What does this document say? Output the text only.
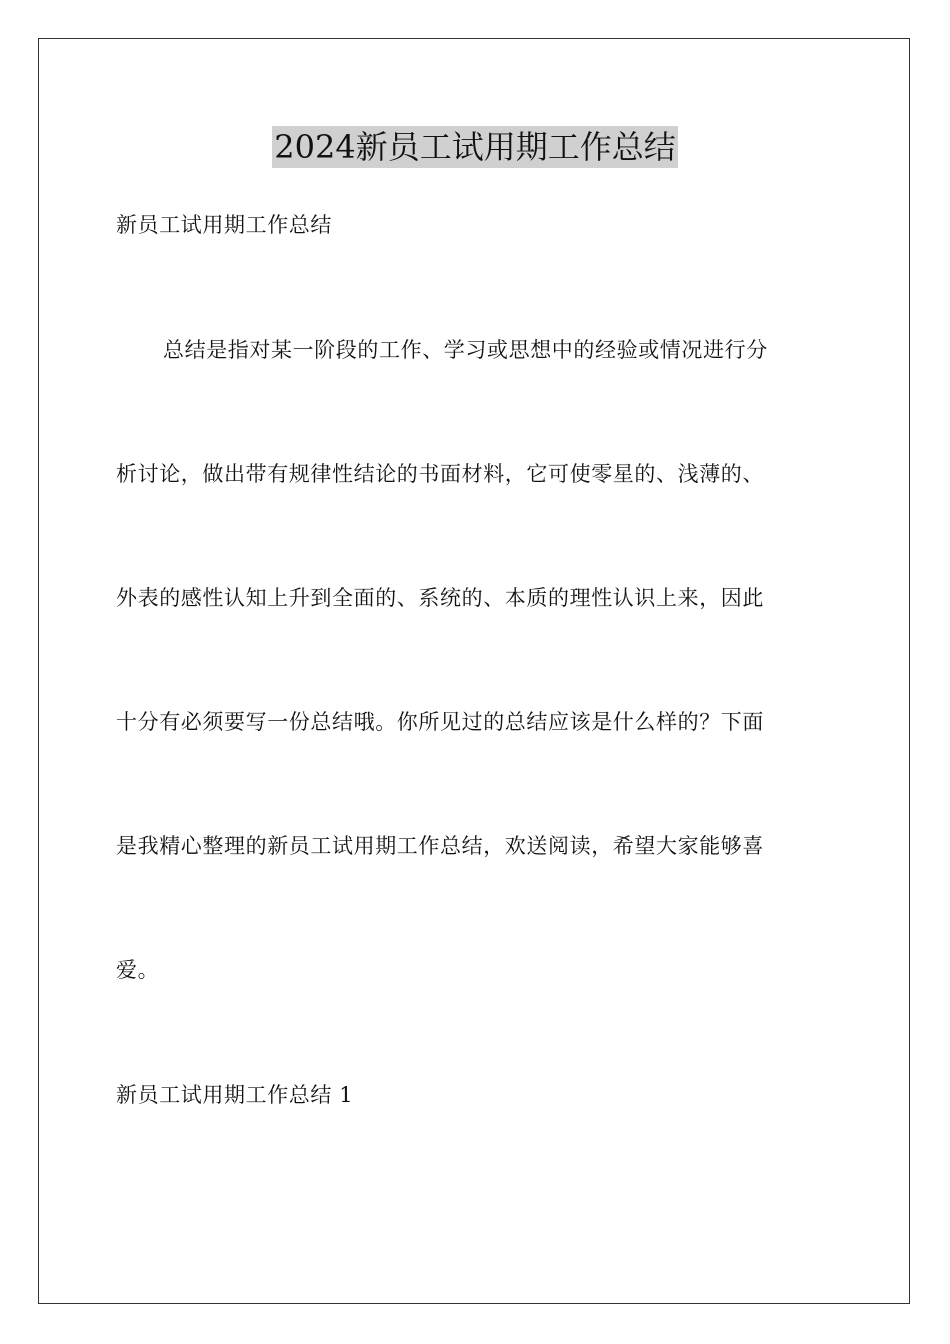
2024新员工试用期工作总结

新员工试用期工作总结

总结是指对某一阶段的工作、学习或思想中的经验或情况进行分

析讨论，做出带有规律性结论的书面材料，它可使零星的、浅薄的、

外表的感性认知上升到全面的、系统的、本质的理性认识上来，因此

十分有必须要写一份总结哦。你所见过的总结应该是什么样的？下面

是我精心整理的新员工试用期工作总结，欢送阅读，希望大家能够喜

爱。

新员工试用期工作总结 1
